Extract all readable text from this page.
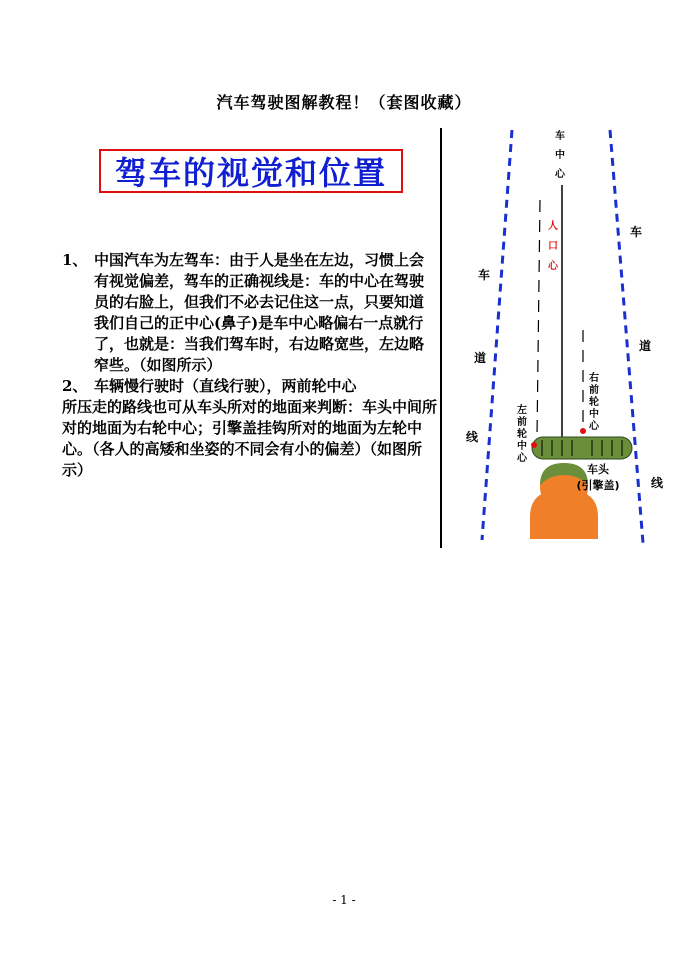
汽车驾驶图解教程！（套图收藏）
驾车的视觉和位置
1、 中国汽车为左驾车：由于人是坐在左边，习惯上会有视觉偏差，驾车的正确视线是：车的中心在驾驶员的右脸上，但我们不必去记住这一点，只要知道我们自己的正中心(鼻子)是车中心略偏右一点就行了，也就是：当我们驾车时，右边略宽些，左边略窄些。（如图所示）
2、 车辆慢行驶时（直线行驶），两前轮中心
所压走的路线也可从车头所对的地面来判断：车头中间所对的地面为右轮中心；引擎盖挂钩所对的地面为左轮中心。（各人的高矮和坐姿的不同会有小的偏差）（如图所示）
车
中
心
人
口
心
车
道
线
车
道
线
右
前
轮
中
心
左
前
轮
中
心
车头
(引擎盖)
- 1 -
